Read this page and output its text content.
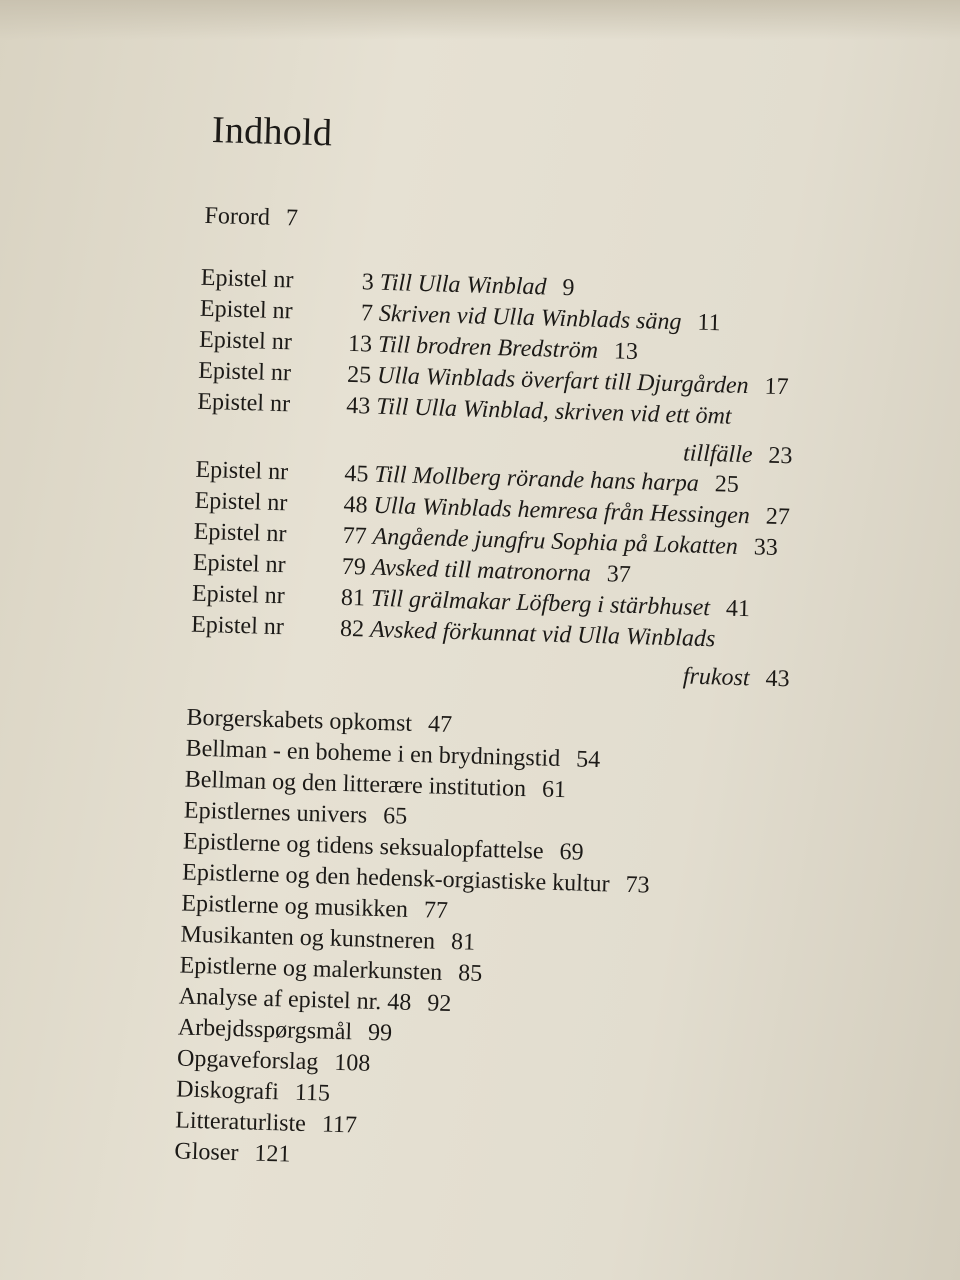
Indhold
Forord 7
Epistel nr	3 Till Ulla Winblad 9
Epistel nr	7 Skriven vid Ulla Winblads säng 11
Epistel nr 13 Till brodren Bredström 13
Epistel nr 25 Ulla Winblads överfart till Djurgården 17
Epistel nr 43 Till Ulla Winblad, skriven vid ett ömt
tillfälle 23
Epistel nr 45 Till Mollberg rörande hans harpa 25
Epistel nr 48 Ulla Winblads hemresa från Hessingen 27
Epistel nr 77 Angående jungfru Sophia på Lokatten 33
Epistel nr 79 Avsked till matronorna 37
Epistel nr 81 Till grälmakar Löfberg i stärbhuset 41
Epistel nr 82 Avsked förkunnat vid Ulla Winblads
frukost 43
Borgerskabets opkomst 47
Bellman - en boheme i en brydningstid 54
Bellman og den litterære institution 61
Epistlernes univers 65
Epistlerne og tidens seksualopfattelse 69
Epistlerne og den hedensk-orgiastiske kultur 73
Epistlerne og musikken 77
Musikanten og kunstneren 81
Epistlerne og malerkunsten 85
Analyse af epistel nr. 48 92
Arbejdsspørgsmål 99
Opgaveforslag 108
Diskografi 115
Litteraturliste 117
Gloser 121
